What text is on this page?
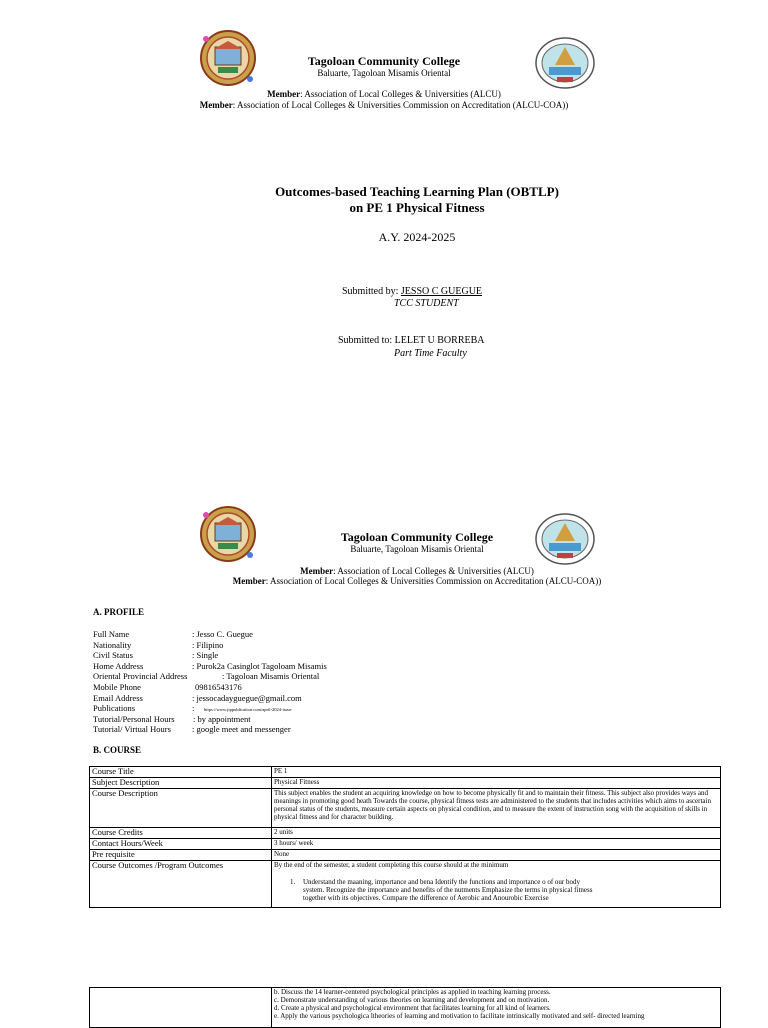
Tagoloan Community College
Baluarte, Tagoloan Misamis Oriental
Member: Association of Local Colleges & Universities (ALCU)
Member: Association of Local Colleges & Universities Commission on Accreditation (ALCU-COA))
Outcomes-based Teaching Learning Plan (OBTLP)
on PE 1 Physical Fitness
A.Y. 2024-2025
Submitted by: JESSO C GUEGUE
TCC STUDENT
Submitted to: LELET U BORREBA
Part Time Faculty
Tagoloan Community College
Baluarte, Tagoloan Misamis Oriental
Member: Association of Local Colleges & Universities (ALCU)
Member: Association of Local Colleges & Universities Commission on Accreditation (ALCU-COA))
A. PROFILE
Full Name	: Jesso C. Guegue
Nationality	: Filipino
Civil Status	: Single
Home Address	: Purok2a Casinglot Tagoloam Misamis
Oriental Provincial Address	: Tagoloan Misamis Oriental
Mobile Phone	09816543176
Email Address	: jessocadayguegue@gmail.com
Publications	: https://www.jippublication.com/april-2024-issue
Tutorial/Personal Hours : by appointment
Tutorial/ Virtual Hours : google meet and messenger
B. COURSE
Course Title	PE 1
Subject Description	Physical Fitness
Course Description	This subject enables the student an acquiring knowledge on how to become physically fit and to maintain their fitness. This subject also provides ways and meanings in promoting good heath Towards the course, physical fitness tests are administered to the students that includes activities which aims to ascertain personal status of the students, measure certain aspects on physical condition, and to measure the extent of instruction song with the acquisition of skills in physical fitness and for character building.
Course Credits	2 units
Contact Hours/Week	3 hours/ week
Pre requisite	None
Course Outcomes /Program Outcomes	By the end of the semester, a student completing this course should at the minimum
1. Understand the maaning, importance and bena Identify the functions and importance o of our body
system. Recognize the importance and benefits of the nutments Emphasize the terms in physical fitness
together with its objectives. Compare the difference of Aerobic and Anourobic Exercise

b. Discuss the 14 learner-centered psychological principles as applied in teaching learning process.
c. Demonstrate understanding of various theories on learning and development and on motivation.
d. Create a physical and psychological environment that facilitates learning for all kind of learners.
e. Apply the various psychologica ltheories of learning and motivation to facilitate intrinsically motivated and self- directed learning
